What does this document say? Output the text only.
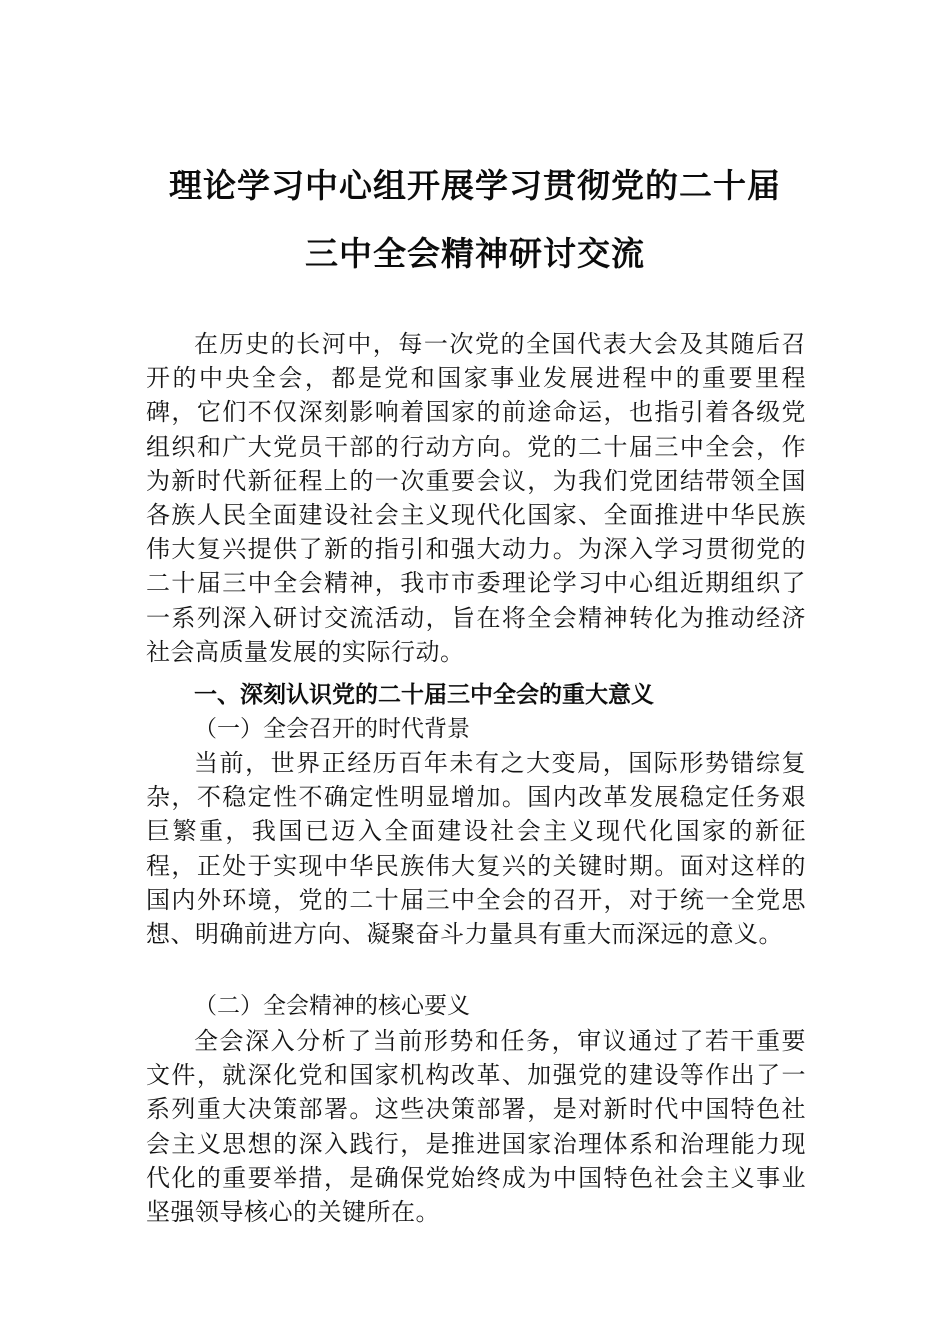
理论学习中心组开展学习贯彻党的二十届
三中全会精神研讨交流

在历史的长河中，每一次党的全国代表大会及其随后召开的中央全会，都是党和国家事业发展进程中的重要里程碑，它们不仅深刻影响着国家的前途命运，也指引着各级党组织和广大党员干部的行动方向。党的二十届三中全会，作为新时代新征程上的一次重要会议，为我们党团结带领全国各族人民全面建设社会主义现代化国家、全面推进中华民族伟大复兴提供了新的指引和强大动力。为深入学习贯彻党的二十届三中全会精神，我市市委理论学习中心组近期组织了一系列深入研讨交流活动，旨在将全会精神转化为推动经济社会高质量发展的实际行动。

一、深刻认识党的二十届三中全会的重大意义

（一）全会召开的时代背景

当前，世界正经历百年未有之大变局，国际形势错综复杂，不稳定性不确定性明显增加。国内改革发展稳定任务艰巨繁重，我国已迈入全面建设社会主义现代化国家的新征程，正处于实现中华民族伟大复兴的关键时期。面对这样的国内外环境，党的二十届三中全会的召开，对于统一全党思想、明确前进方向、凝聚奋斗力量具有重大而深远的意义。

（二）全会精神的核心要义

全会深入分析了当前形势和任务，审议通过了若干重要文件，就深化党和国家机构改革、加强党的建设等作出了一系列重大决策部署。这些决策部署，是对新时代中国特色社会主义思想的深入践行，是推进国家治理体系和治理能力现代化的重要举措，是确保党始终成为中国特色社会主义事业坚强领导核心的关键所在。
